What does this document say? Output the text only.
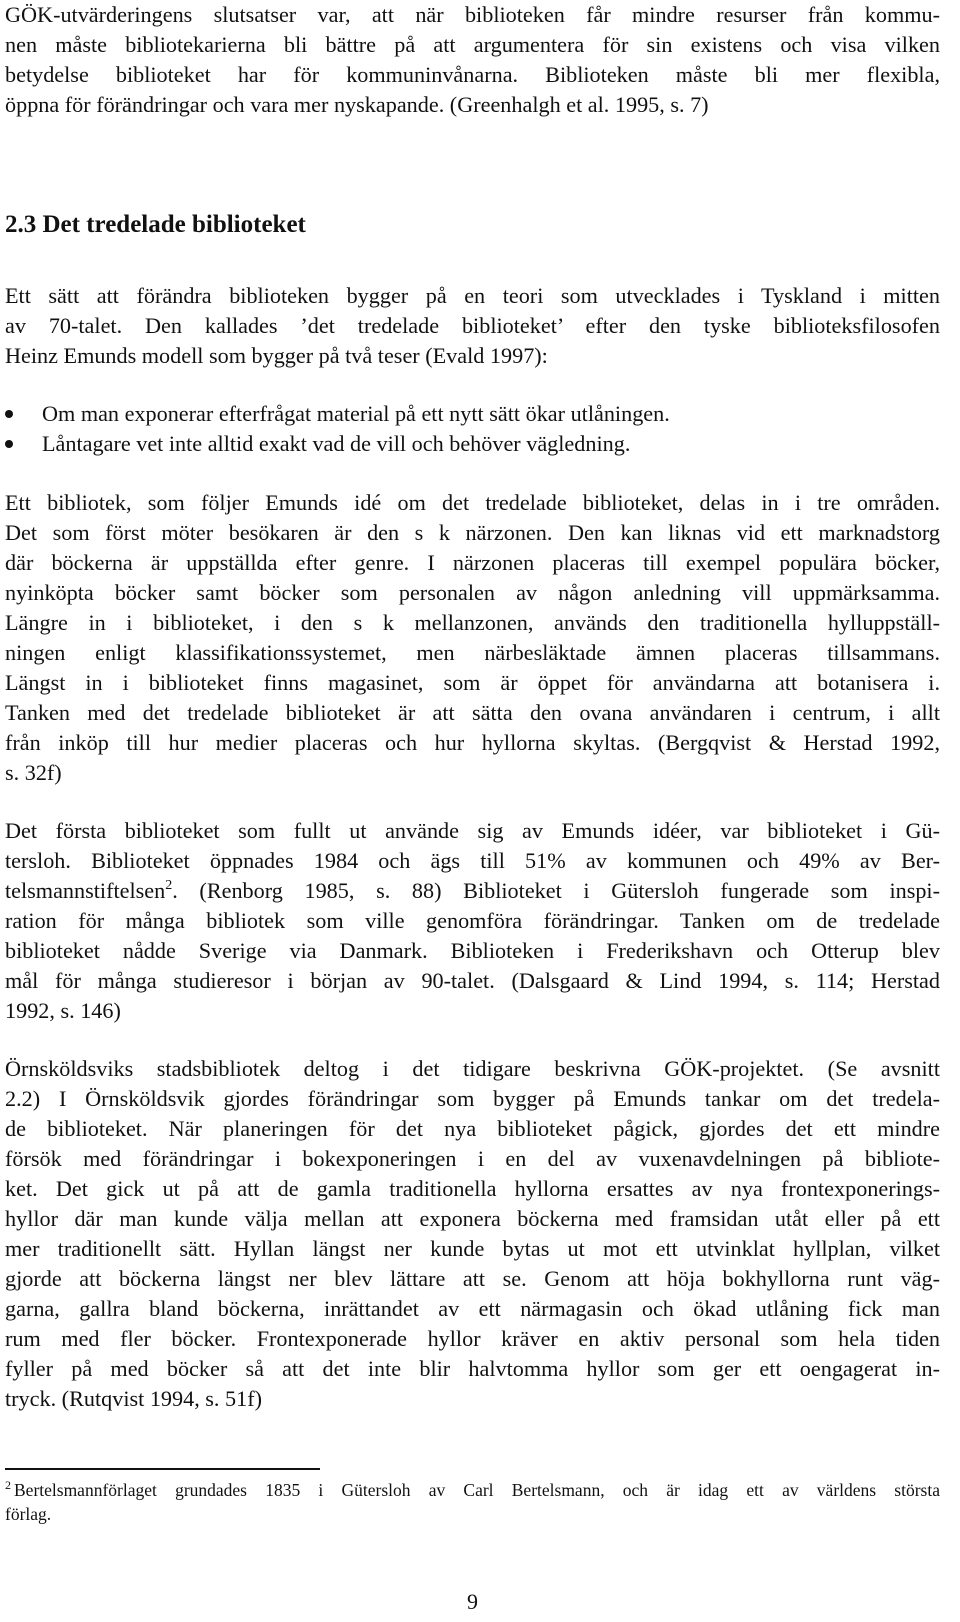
GÖK-utvärderingens slutsatser var, att när biblioteken får mindre resurser från kommu-
nen måste bibliotekarierna bli bättre på att argumentera för sin existens och visa vilken
betydelse biblioteket har för kommuninvånarna. Biblioteken måste bli mer flexibla,
öppna för förändringar och vara mer nyskapande. (Greenhalgh et al. 1995, s. 7)
2.3 Det tredelade biblioteket
Ett sätt att förändra biblioteken bygger på en teori som utvecklades i Tyskland i mitten
av 70-talet. Den kallades ’det tredelade biblioteket’ efter den tyske biblioteksfilosofen
Heinz Emunds modell som bygger på två teser (Evald 1997):
Om man exponerar efterfrågat material på ett nytt sätt ökar utlåningen.
Låntagare vet inte alltid exakt vad de vill och behöver vägledning.
Ett bibliotek, som följer Emunds idé om det tredelade biblioteket, delas in i tre områden.
Det som först möter besökaren är den s k närzonen. Den kan liknas vid ett marknadstorg
där böckerna är uppställda efter genre. I närzonen placeras till exempel populära böcker,
nyinköpta böcker samt böcker som personalen av någon anledning vill uppmärksamma.
Längre in i biblioteket, i den s k mellanzonen, används den traditionella hylluppställ-
ningen enligt klassifikationssystemet, men närbesläktade ämnen placeras tillsammans.
Längst in i biblioteket finns magasinet, som är öppet för användarna att botanisera i.
Tanken med det tredelade biblioteket är att sätta den ovana användaren i centrum, i allt
från inköp till hur medier placeras och hur hyllorna skyltas. (Bergqvist & Herstad 1992,
s. 32f)
Det första biblioteket som fullt ut använde sig av Emunds idéer, var biblioteket i Gü-
tersloh. Biblioteket öppnades 1984 och ägs till 51% av kommunen och 49% av Ber-
telsmannstiftelsen$^2$. (Renborg 1985, s. 88) Biblioteket i Gütersloh fungerade som inspi-
ration för många bibliotek som ville genomföra förändringar. Tanken om de tredelade
biblioteket nådde Sverige via Danmark. Biblioteken i Frederikshavn och Otterup blev
mål för många studieresor i början av 90-talet. (Dalsgaard & Lind 1994, s. 114; Herstad
1992, s. 146)
Örnsköldsviks stadsbibliotek deltog i det tidigare beskrivna GÖK-projektet. (Se avsnitt
2.2) I Örnsköldsvik gjordes förändringar som bygger på Emunds tankar om det tredela-
de biblioteket. När planeringen för det nya biblioteket pågick, gjordes det ett mindre
försök med förändringar i bokexponeringen i en del av vuxenavdelningen på bibliote-
ket. Det gick ut på att de gamla traditionella hyllorna ersattes av nya frontexponerings-
hyllor där man kunde välja mellan att exponera böckerna med framsidan utåt eller på ett
mer traditionellt sätt. Hyllan längst ner kunde bytas ut mot ett utvinklat hyllplan, vilket
gjorde att böckerna längst ner blev lättare att se. Genom att höja bokhyllorna runt väg-
garna, gallra bland böckerna, inrättandet av ett närmagasin och ökad utlåning fick man
rum med fler böcker. Frontexponerade hyllor kräver en aktiv personal som hela tiden
fyller på med böcker så att det inte blir halvtomma hyllor som ger ett oengagerat in-
tryck. (Rutqvist 1994, s. 51f)
$^2$ Bertelsmannförlaget grundades 1835 i Gütersloh av Carl Bertelsmann, och är idag ett av världens största
förlag.
9
